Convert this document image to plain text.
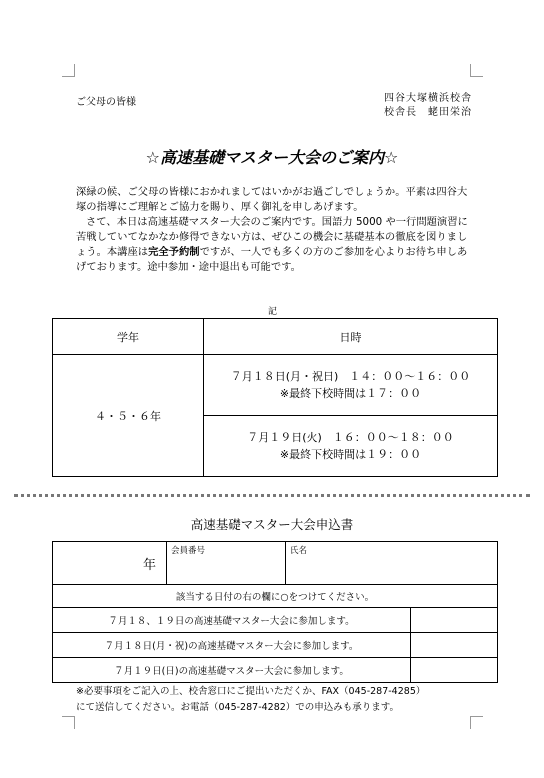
ご父母の皆様	四谷大塚横浜校舎
校舎長　蛯田栄治
☆高速基礎マスター大会のご案内☆

深緑の候、ご父母の皆様におかれましてはいかがお過ごしでしょうか。平素は四谷大塚の指導にご理解とご協力を賜り、厚く御礼を申しあげます。

さて、本日は高速基礎マスター大会のご案内です。国語力 5000 や一行問題演習に苦戦していてなかなか修得できない方は、ぜひこの機会に基礎基本の徹底を図りましょう。本講座は完全予約制ですが、一人でも多くの方のご参加を心よりお待ち申しあげております。途中参加・途中退出も可能です。

記
学年	日時
４・５・６年	７月１８日(月・祝日)　１４：００～１６：００
※最終下校時間は１７：００

	７月１９日(火)　１６：００～１８：００
※最終下校時間は１９：００
高速基礎マスター大会申込書
年	会員番号	氏名	
該当する日付の右の欄に○をつけてください。			
７月１８、１９日の高速基礎マスター大会に参加します。			
７月１８日(月・祝)の高速基礎マスター大会に参加します。			
７月１９日(日)の高速基礎マスター大会に参加します。			
※必要事項をご記入の上、校舎窓口にご提出いただくか、FAX（045-287-4285）
にて送信してください。お電話（045-287-4282）での申込みも承ります。
